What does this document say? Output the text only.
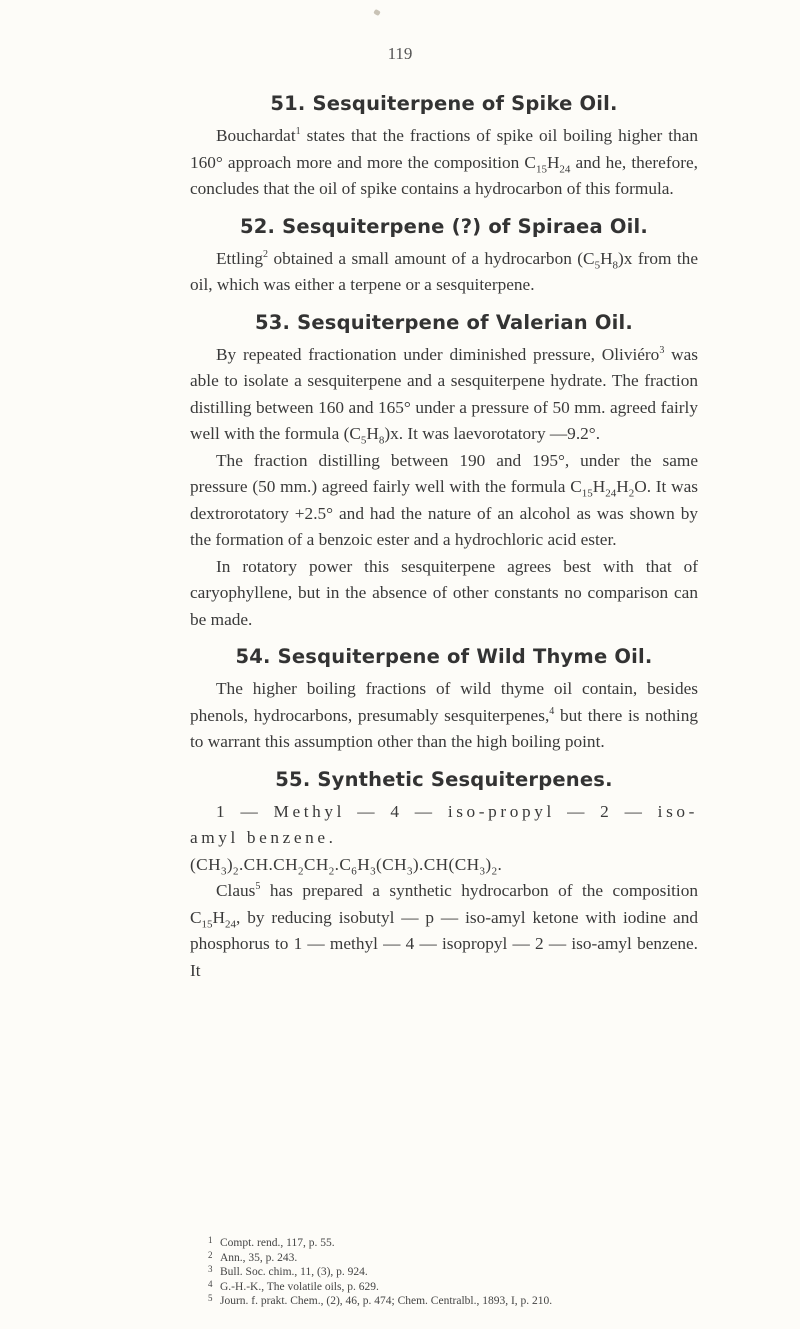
119
51. Sesquiterpene of Spike Oil.

Bouchardat$^1$ states that the fractions of spike oil boiling higher than 160° approach more and more the composition $C_{15}H_{24}$ and he, therefore, concludes that the oil of spike contains a hydrocarbon of this formula.

52. Sesquiterpene (?) of Spiraea Oil.

Ettling$^2$ obtained a small amount of a hydrocarbon $(C_5H_8)x$ from the oil, which was either a terpene or a sesquiterpene.

53. Sesquiterpene of Valerian Oil.

By repeated fractionation under diminished pressure, Oliviéro$^3$ was able to isolate a sesquiterpene and a sesquiterpene hydrate. The fraction distilling between 160 and 165° under a pressure of 50 mm. agreed fairly well with the formula $(C_5H_8)x$. It was laevorotatory —9.2°.

The fraction distilling between 190 and 195°, under the same pressure (50 mm.) agreed fairly well with the formula $C_{15}H_{24}H_2O$. It was dextrorotatory +2.5° and had the nature of an alcohol as was shown by the formation of a benzoic ester and a hydrochloric acid ester.

In rotatory power this sesquiterpene agrees best with that of caryophyllene, but in the absence of other constants no comparison can be made.

54. Sesquiterpene of Wild Thyme Oil.

The higher boiling fractions of wild thyme oil contain, besides phenols, hydrocarbons, presumably sesquiterpenes,$^4$ but there is nothing to warrant this assumption other than the high boiling point.

55. Synthetic Sesquiterpenes.

1 — Methyl — 4 — iso-propyl — 2 — iso-amyl benzene.

$(CH_3)_2.CH.CH_2CH_2.C_6H_3(CH_3).CH(CH_3)_2$.

Claus$^5$ has prepared a synthetic hydrocarbon of the composition $C_{15}H_{24}$, by reducing isobutyl — p — iso-amyl ketone with iodine and phosphorus to 1 — methyl — 4 — isopropyl — 2 — iso-amyl benzene. It

1 Compt. rend., 117, p. 55.
2 Ann., 35, p. 243.
3 Bull. Soc. chim., 11, (3), p. 924.
4 G.-H.-K., The volatile oils, p. 629.
5 Journ. f. prakt. Chem., (2), 46, p. 474; Chem. Centralbl., 1893, I, p. 210.
